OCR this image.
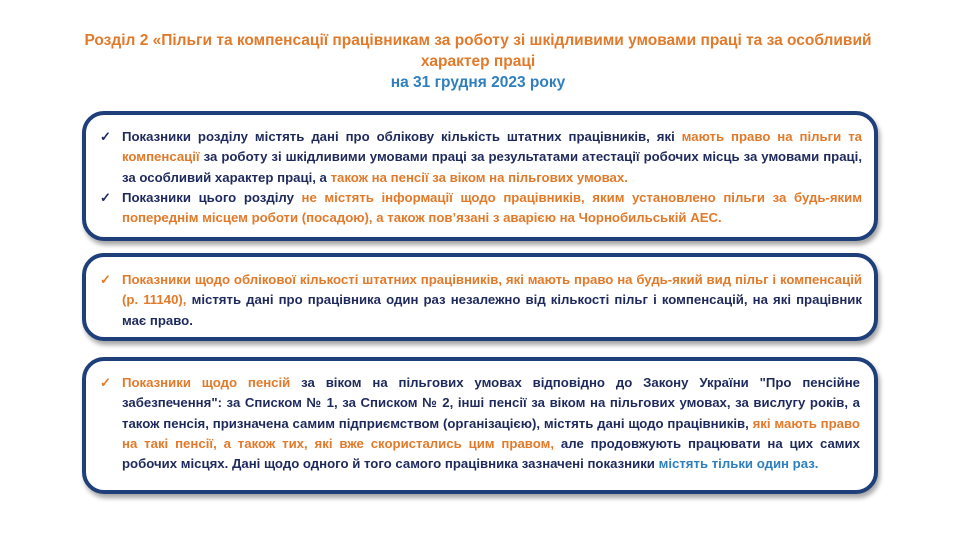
Розділ 2 «Пільги та компенсації працівникам за роботу зі шкідливими умовами праці та за особливий характер праці
на 31 грудня 2023 року
✓ Показники розділу містять дані про облікову кількість штатних працівників, які мають право на пільги та компенсації за роботу зі шкідливими умовами праці за результатами атестації робочих місць за умовами праці, за особливий характер праці, а також на пенсії за віком на пільгових умовах.
✓ Показники цього розділу не містять інформації щодо працівників, яким установлено пільги за будь-яким попереднім місцем роботи (посадою), а також пов’язані з аварією на Чорнобильській АЕС.
✓ Показники щодо облікової кількості штатних працівників, які мають право на будь-який вид пільг і компенсацій (р. 11140), містять дані про працівника один раз незалежно від кількості пільг і компенсацій, на які працівник має право.
✓ Показники щодо пенсій за віком на пільгових умовах відповідно до Закону України "Про пенсійне забезпечення": за Списком № 1, за Списком № 2, інші пенсії за віком на пільгових умовах, за вислугу років, а також пенсія, призначена самим підприємством (організацією), містять дані щодо працівників, які мають право на такі пенсії, а також тих, які вже скористались цим правом, але продовжують працювати на цих самих робочих місцях. Дані щодо одного й того самого працівника зазначені показники містять тільки один раз.
